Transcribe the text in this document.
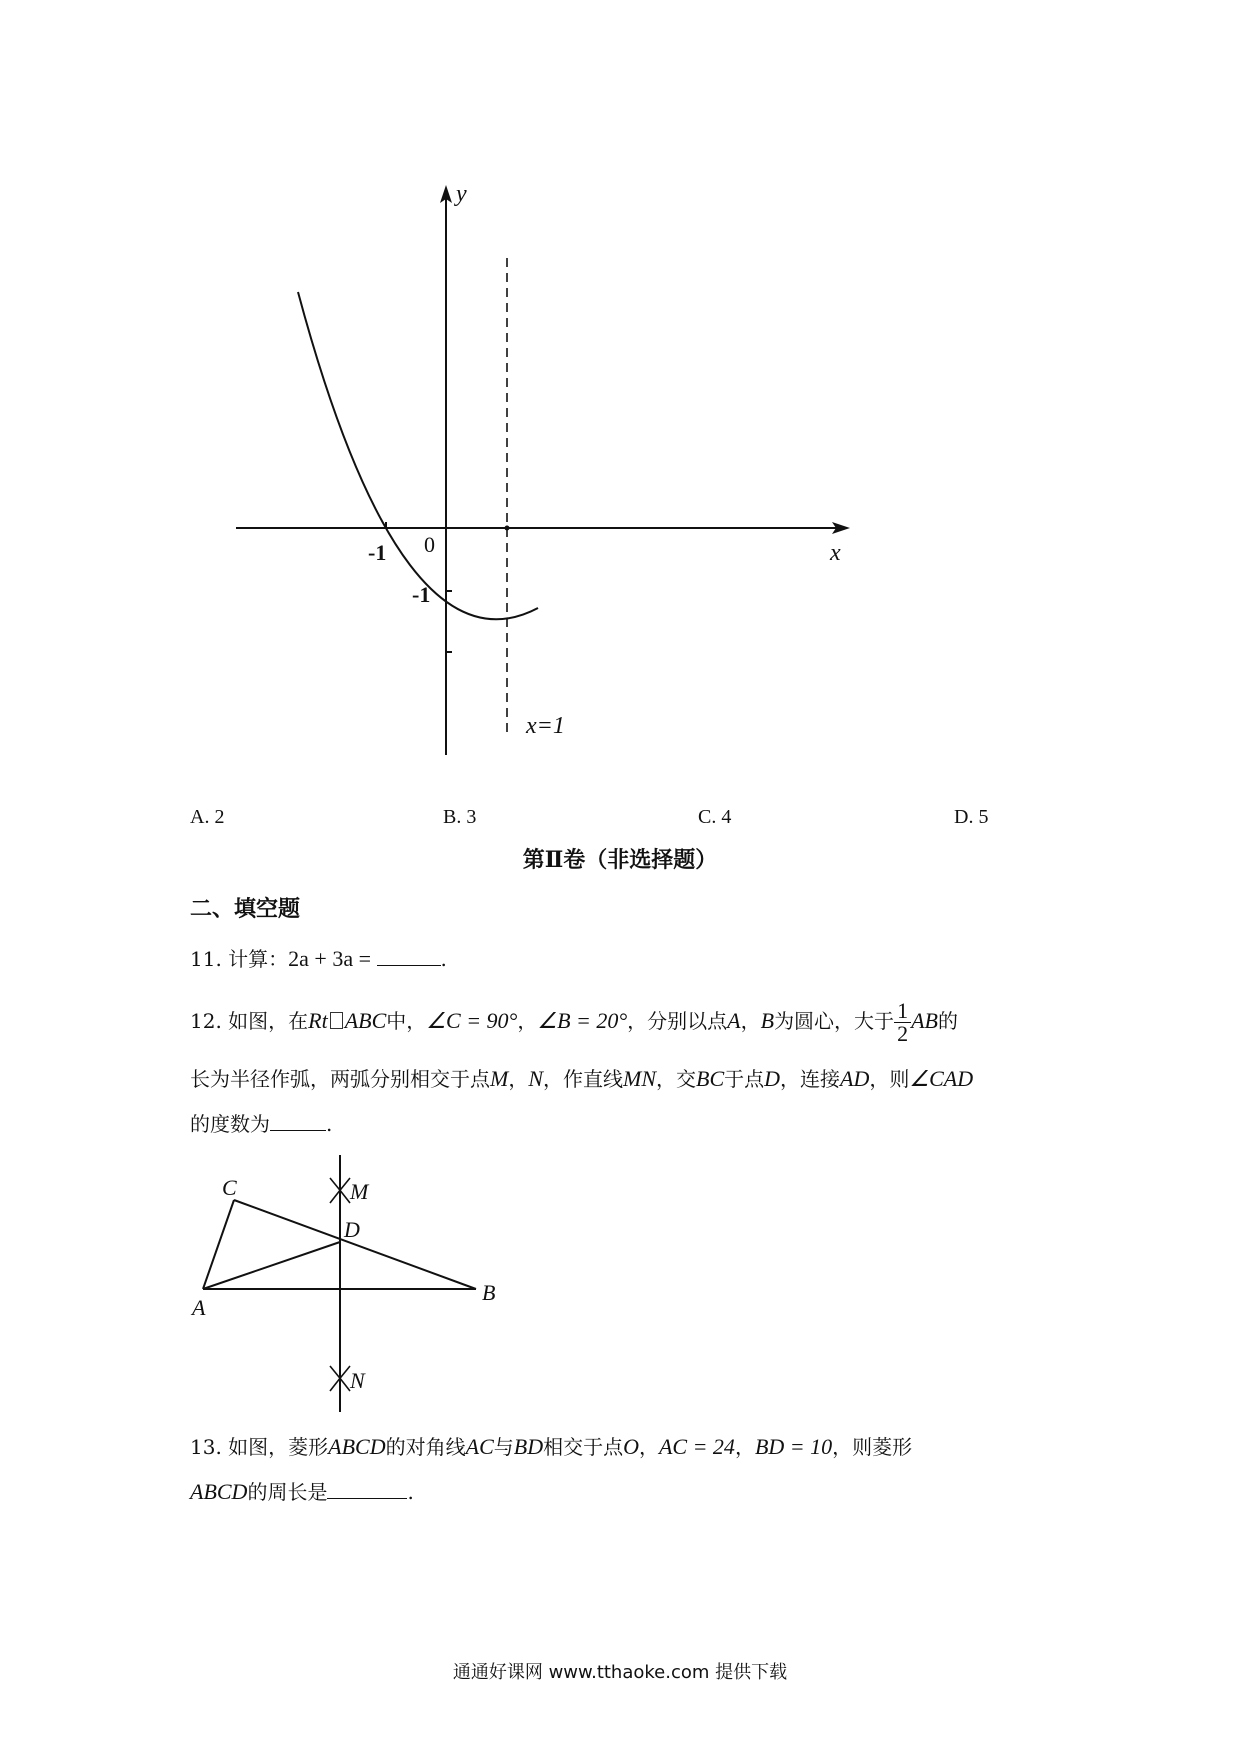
y
x
0
-1
-1
x=1
A. 2	B. 3	C. 4	D. 5
第Ⅱ卷（非选择题）
二、填空题
11. 计算：2a + 3a =	.
12. 如图，在Rt ABC中，∠C = 90°，∠B = 20°，分别以点A，B为圆心，大于 $\frac{1}{2}$ AB的
长为半径作弧，两弧分别相交于点M，N，作直线MN，交BC于点D，连接AD，则∠CAD
的度数为	.
C	M
D
A
B
N
13. 如图，菱形ABCD的对角线AC与BD相交于点O，AC = 24，BD = 10，则菱形
ABCD的周长是	.
通通好课网 www.tthaoke.com 提供下载
